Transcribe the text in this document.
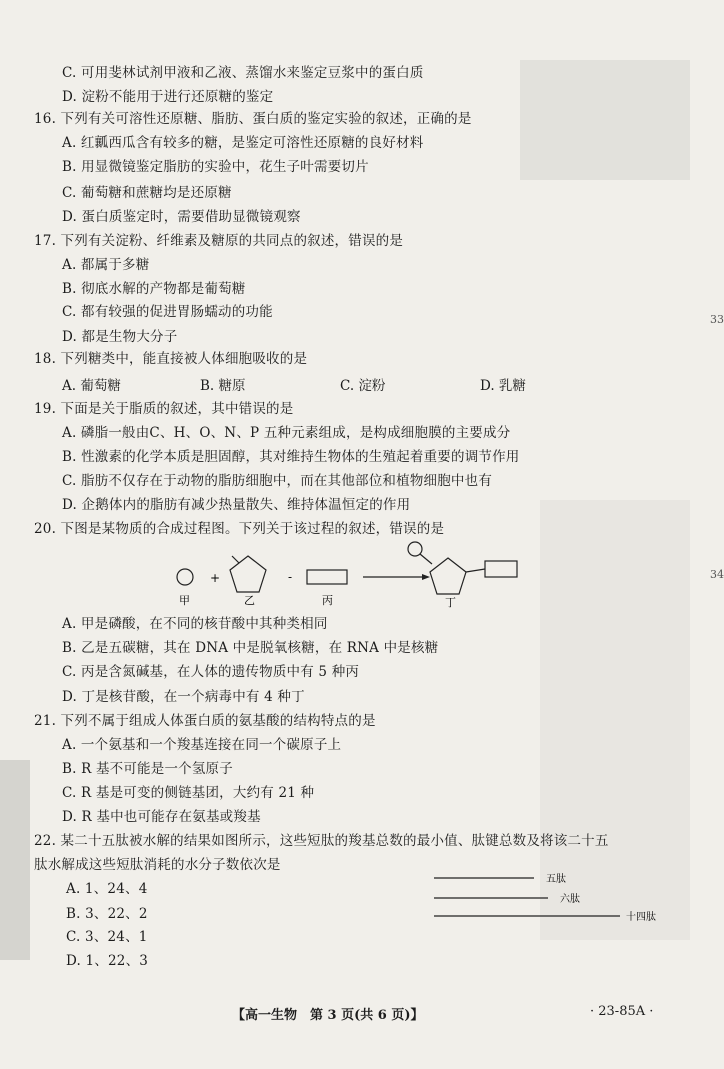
C. 可用斐林试剂甲液和乙液、蒸馏水来鉴定豆浆中的蛋白质
D. 淀粉不能用于进行还原糖的鉴定
16. 下列有关可溶性还原糖、脂肪、蛋白质的鉴定实验的叙述，正确的是
A. 红瓤西瓜含有较多的糖，是鉴定可溶性还原糖的良好材料
B. 用显微镜鉴定脂肪的实验中，花生子叶需要切片
C. 葡萄糖和蔗糖均是还原糖
D. 蛋白质鉴定时，需要借助显微镜观察
17. 下列有关淀粉、纤维素及糖原的共同点的叙述，错误的是
A. 都属于多糖
B. 彻底水解的产物都是葡萄糖
C. 都有较强的促进胃肠蠕动的功能
D. 都是生物大分子
18. 下列糖类中，能直接被人体细胞吸收的是
19. 下面是关于脂质的叙述，其中错误的是
A. 磷脂一般由C、H、O、N、P 五种元素组成，是构成细胞膜的主要成分
B. 性激素的化学本质是胆固醇，其对维持生物体的生殖起着重要的调节作用
C. 脂肪不仅存在于动物的脂肪细胞中，而在其他部位和植物细胞中也有
D. 企鹅体内的脂肪有减少热量散失、维持体温恒定的作用
20. 下图是某物质的合成过程图。下列关于该过程的叙述，错误的是
A. 甲是磷酸，在不同的核苷酸中其种类相同
B. 乙是五碳糖，其在 DNA 中是脱氧核糖，在 RNA 中是核糖
C. 丙是含氮碱基，在人体的遗传物质中有 5 种丙
D. 丁是核苷酸，在一个病毒中有 4 种丁
21. 下列不属于组成人体蛋白质的氨基酸的结构特点的是
A. 一个氨基和一个羧基连接在同一个碳原子上
B. R 基不可能是一个氢原子
C. R 基是可变的侧链基团，大约有 21 种
D. R 基中也可能存在氨基或羧基
22. 某二十五肽被水解的结果如图所示，这些短肽的羧基总数的最小值、肽键总数及将该二十五
肽水解成这些短肽消耗的水分子数依次是
A. 1、24、4
B. 3、22、2
C. 3、24、1
D. 1、22、3
A. 葡萄糖	B. 糖原	C. 淀粉	D. 乳糖
甲
+
乙
-
丙	丁
五肽
六肽
十四肽
33
34
【高一生物　第 3 页(共 6 页)】	· 23-85A ·
